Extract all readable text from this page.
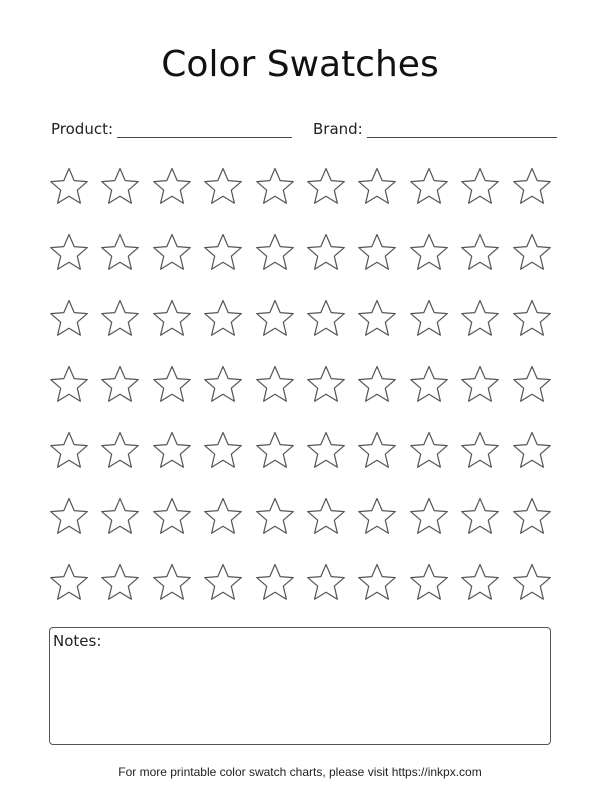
Color Swatches
Product:	Brand:
Notes:
For more printable color swatch charts, please visit https://inkpx.com
